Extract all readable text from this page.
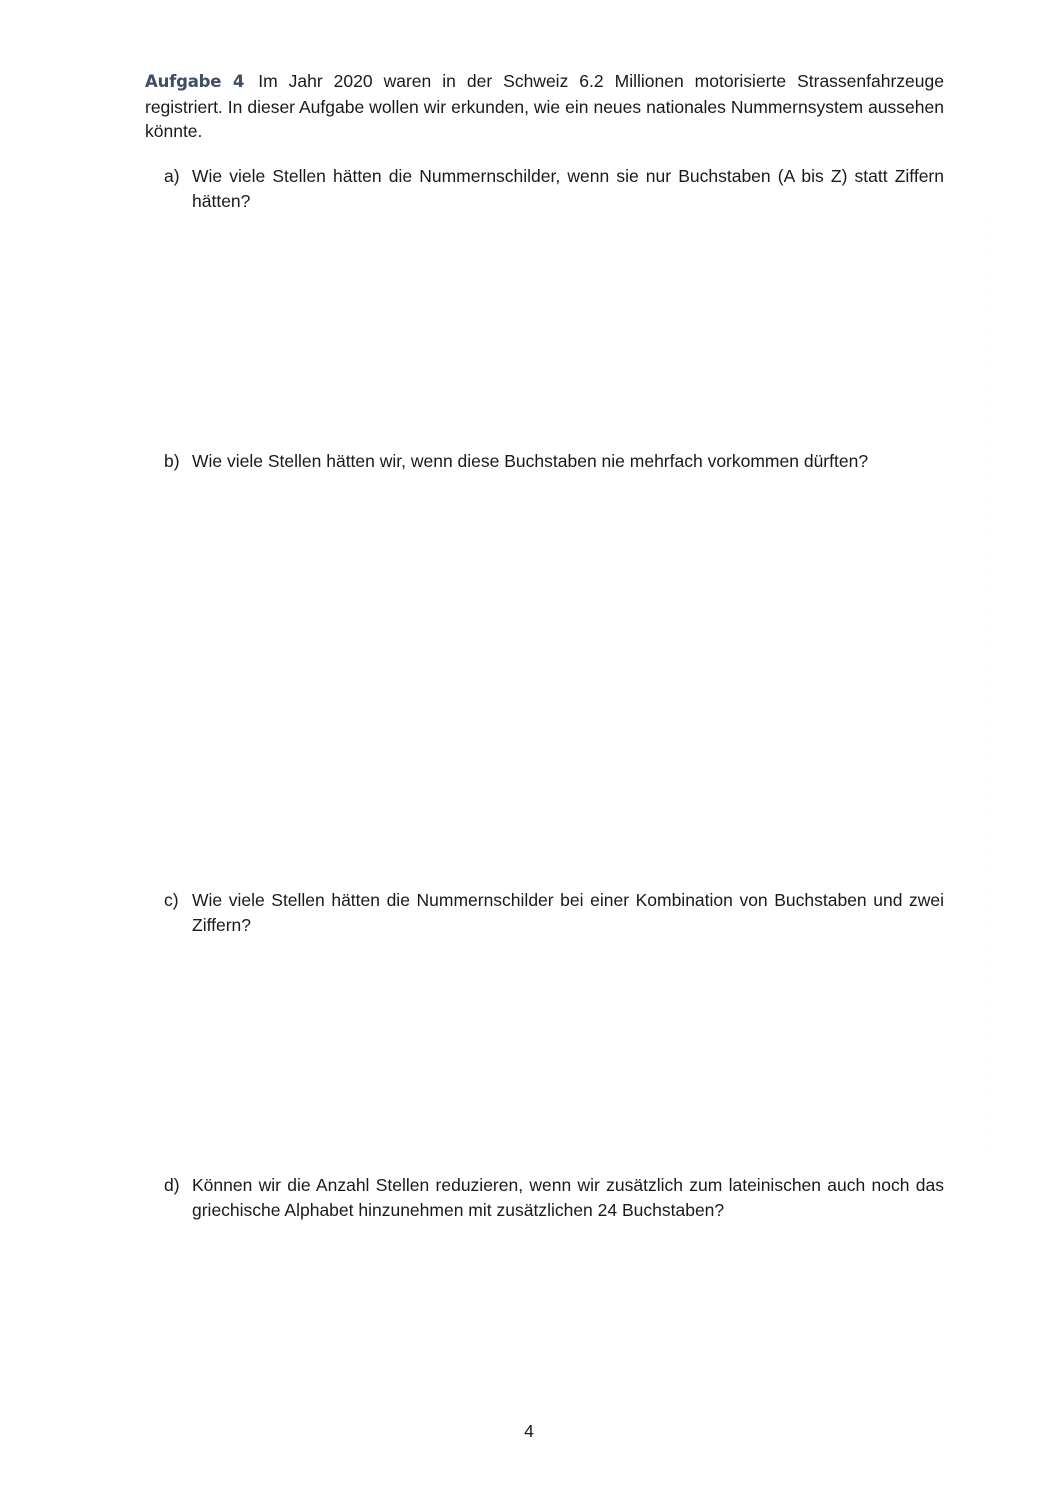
Aufgabe 4 Im Jahr 2020 waren in der Schweiz 6.2 Millionen motorisierte Strassenfahrzeuge registriert. In dieser Aufgabe wollen wir erkunden, wie ein neues nationales Nummernsystem aussehen könnte.
a) Wie viele Stellen hätten die Nummernschilder, wenn sie nur Buchstaben (A bis Z) statt Ziffern hätten?
b) Wie viele Stellen hätten wir, wenn diese Buchstaben nie mehrfach vorkommen dürften?
c) Wie viele Stellen hätten die Nummernschilder bei einer Kombination von Buchstaben und zwei Ziffern?
d) Können wir die Anzahl Stellen reduzieren, wenn wir zusätzlich zum lateinischen auch noch das griechische Alphabet hinzunehmen mit zusätzlichen 24 Buchstaben?
4
